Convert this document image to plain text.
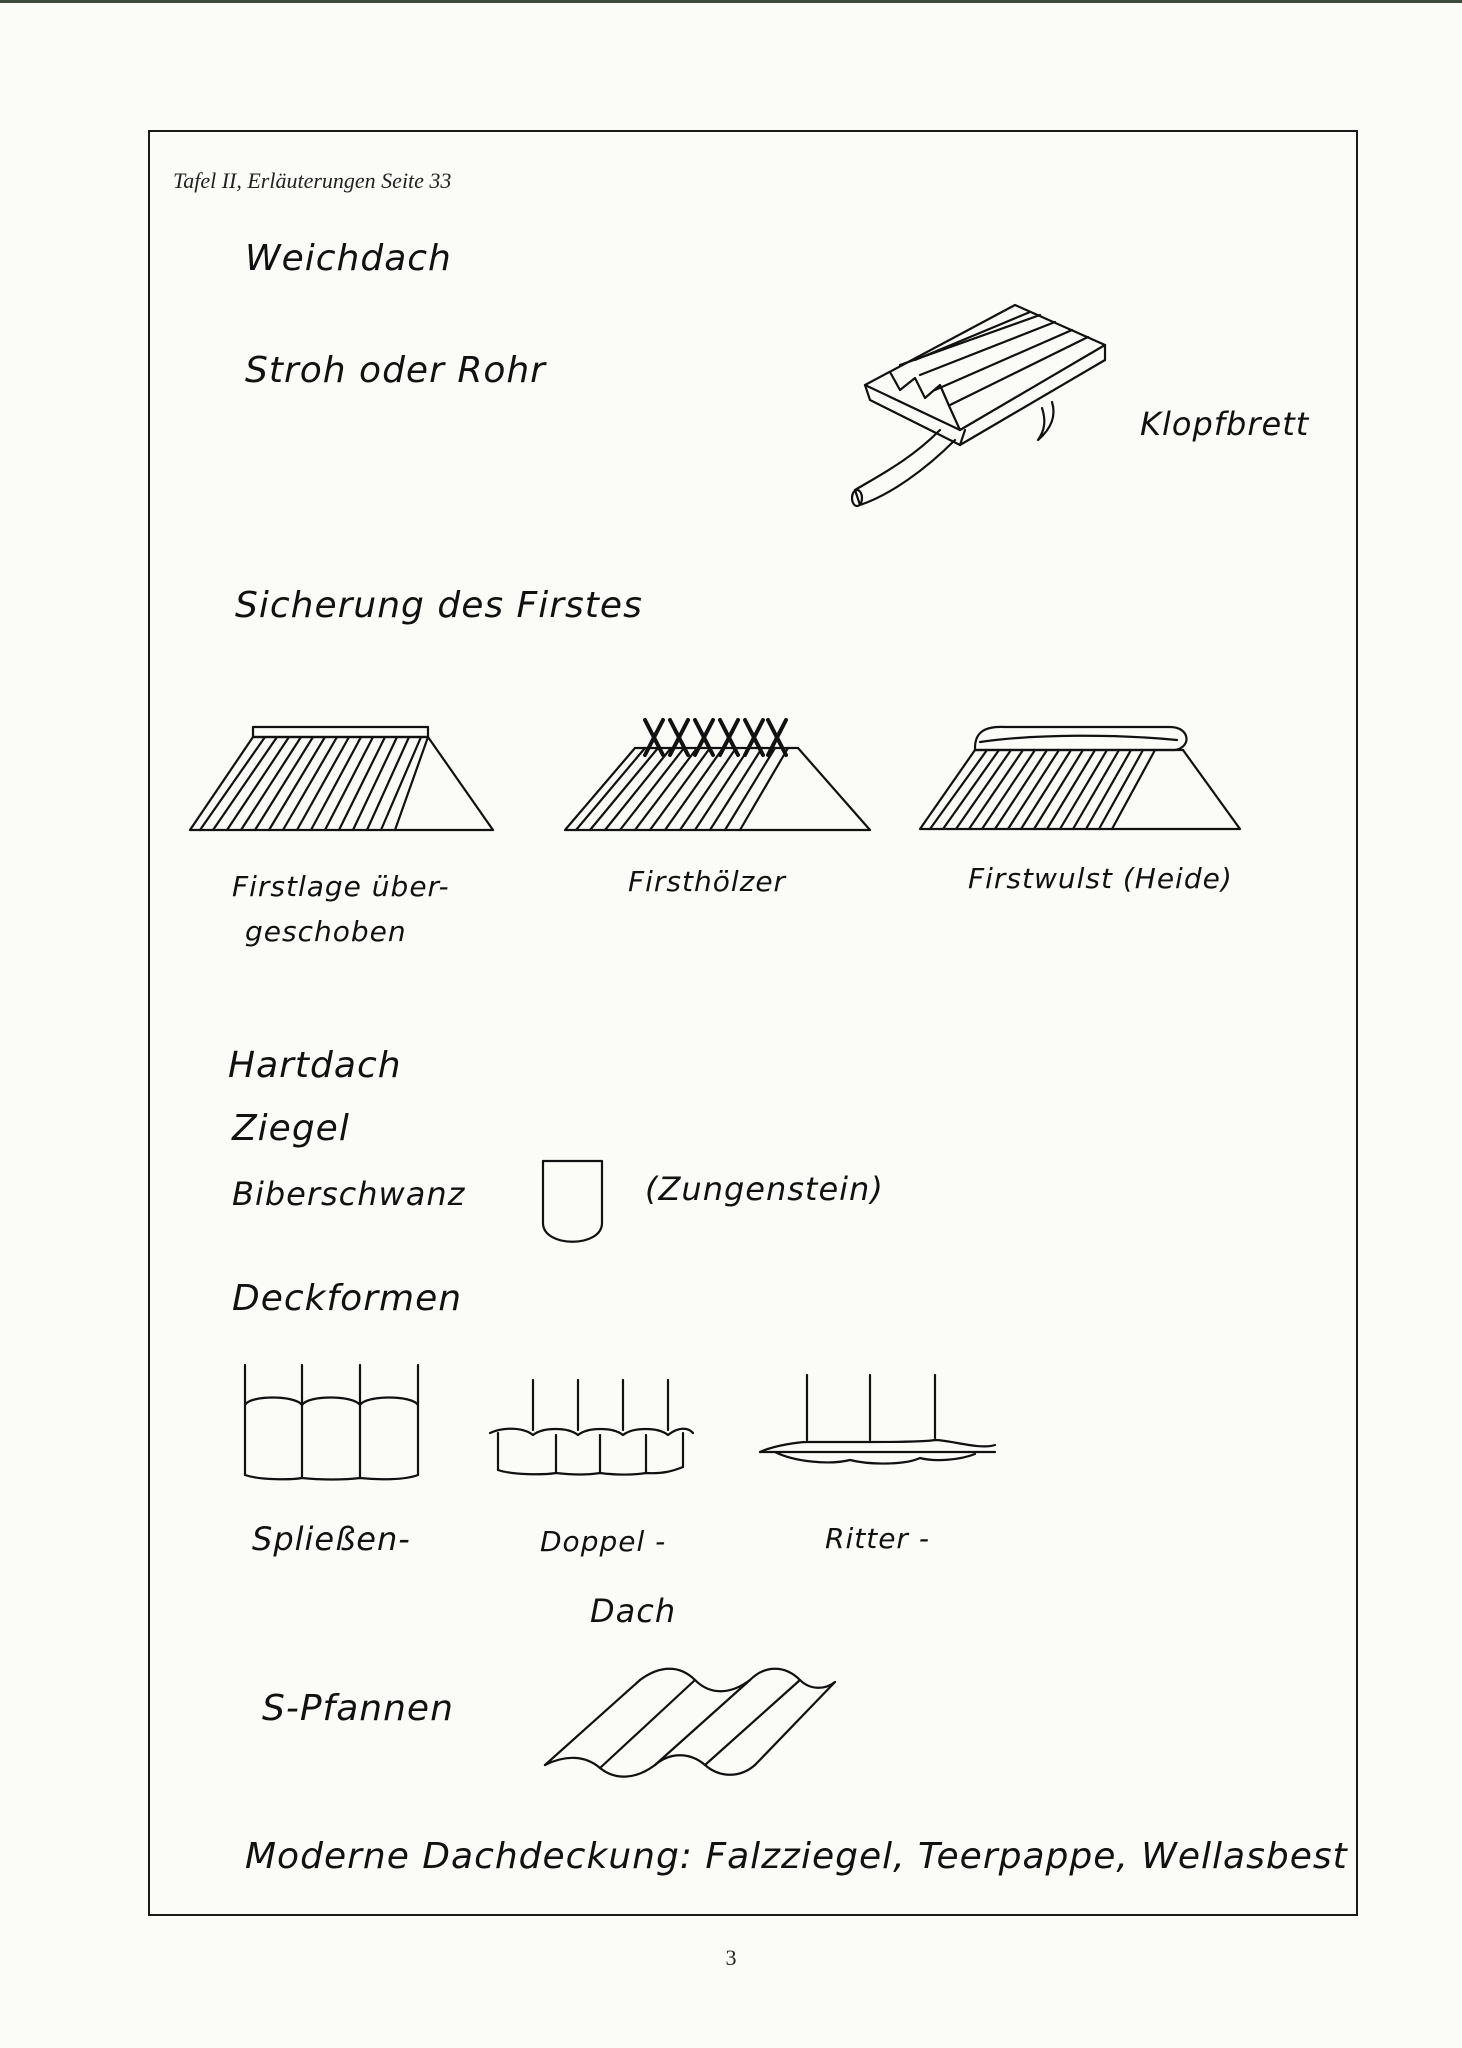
Tafel II, Erläuterungen Seite 33
Weichdach
Stroh oder Rohr
Klopfbrett
Sicherung des Firstes
Firstlage über-
geschoben
Firsthölzer	Firstwulst (Heide)
Hartdach
Ziegel
Biberschwanz	(Zungenstein)
Deckformen
Spließen-	Doppel -	Ritter -
Dach
S-Pfannen
Moderne Dachdeckung: Falzziegel, Teerpappe, Wellasbest
3
